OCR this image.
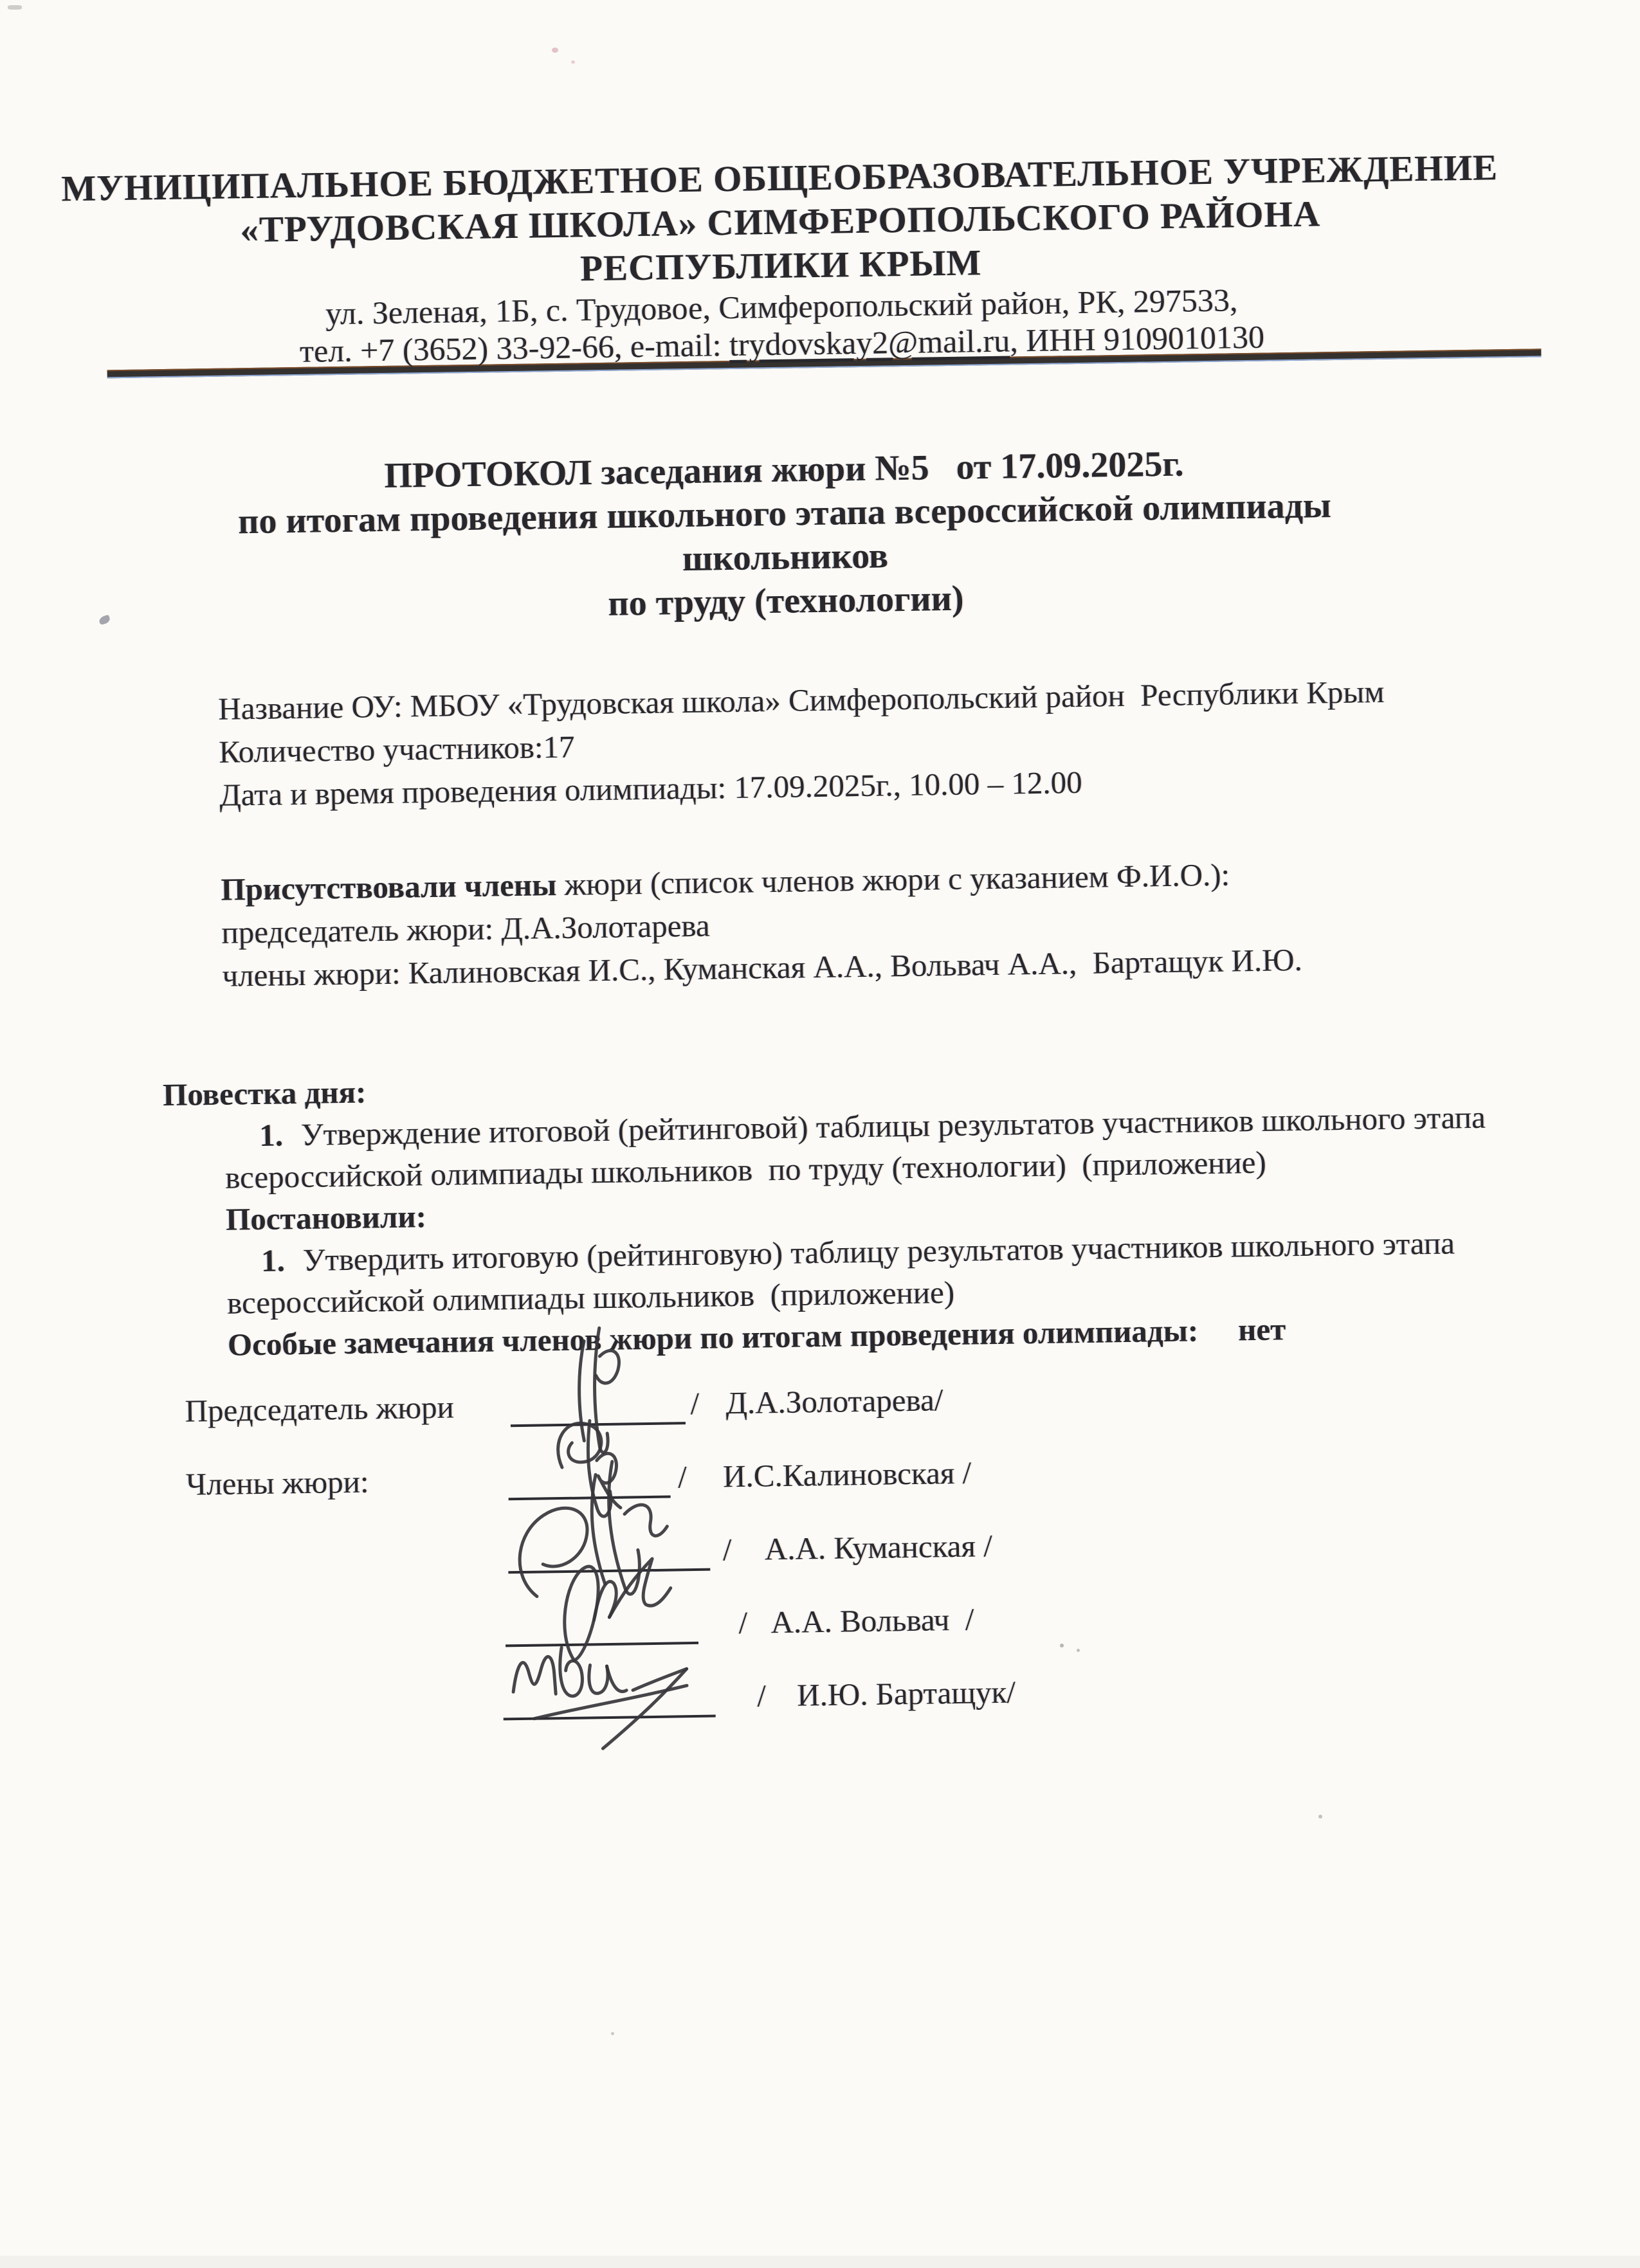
МУНИЦИПАЛЬНОЕ БЮДЖЕТНОЕ ОБЩЕОБРАЗОВАТЕЛЬНОЕ УЧРЕЖДЕНИЕ
«ТРУДОВСКАЯ ШКОЛА» СИМФЕРОПОЛЬСКОГО РАЙОНА
РЕСПУБЛИКИ КРЫМ
ул. Зеленая, 1Б, с. Трудовое, Симферопольский район, РК, 297533,
тел. +7 (3652) 33-92-66, e-mail: trydovskay2@mail.ru, ИНН 9109010130
ПРОТОКОЛ заседания жюри №5   от 17.09.2025г.
по итогам проведения школьного этапа всероссийской олимпиады
школьников
по труду (технологии)
Название ОУ: МБОУ «Трудовская школа» Симферопольский район  Республики Крым
Количество участников:17
Дата и время проведения олимпиады: 17.09.2025г., 10.00 – 12.00
Присутствовали члены жюри (список членов жюри с указанием Ф.И.О.):
председатель жюри: Д.А.Золотарева
члены жюри: Калиновская И.С., Куманская А.А., Вольвач А.А.,  Бартащук И.Ю.
Повестка дня:
1. Утверждение итоговой (рейтинговой) таблицы результатов участников школьного этапа
всероссийской олимпиады школьников  по труду (технологии)  (приложение)
Постановили:
1. Утвердить итоговую (рейтинговую) таблицу результатов участников школьного этапа
всероссийской олимпиады школьников  (приложение)
Особые замечания членов жюри по итогам проведения олимпиады: нет
Председатель жюри	/ Д.А.Золотарева/
Члены жюри:	/ И.С.Калиновская /
/ А.А. Куманская /
/ А.А. Вольвач  /
/ И.Ю. Бартащук/
